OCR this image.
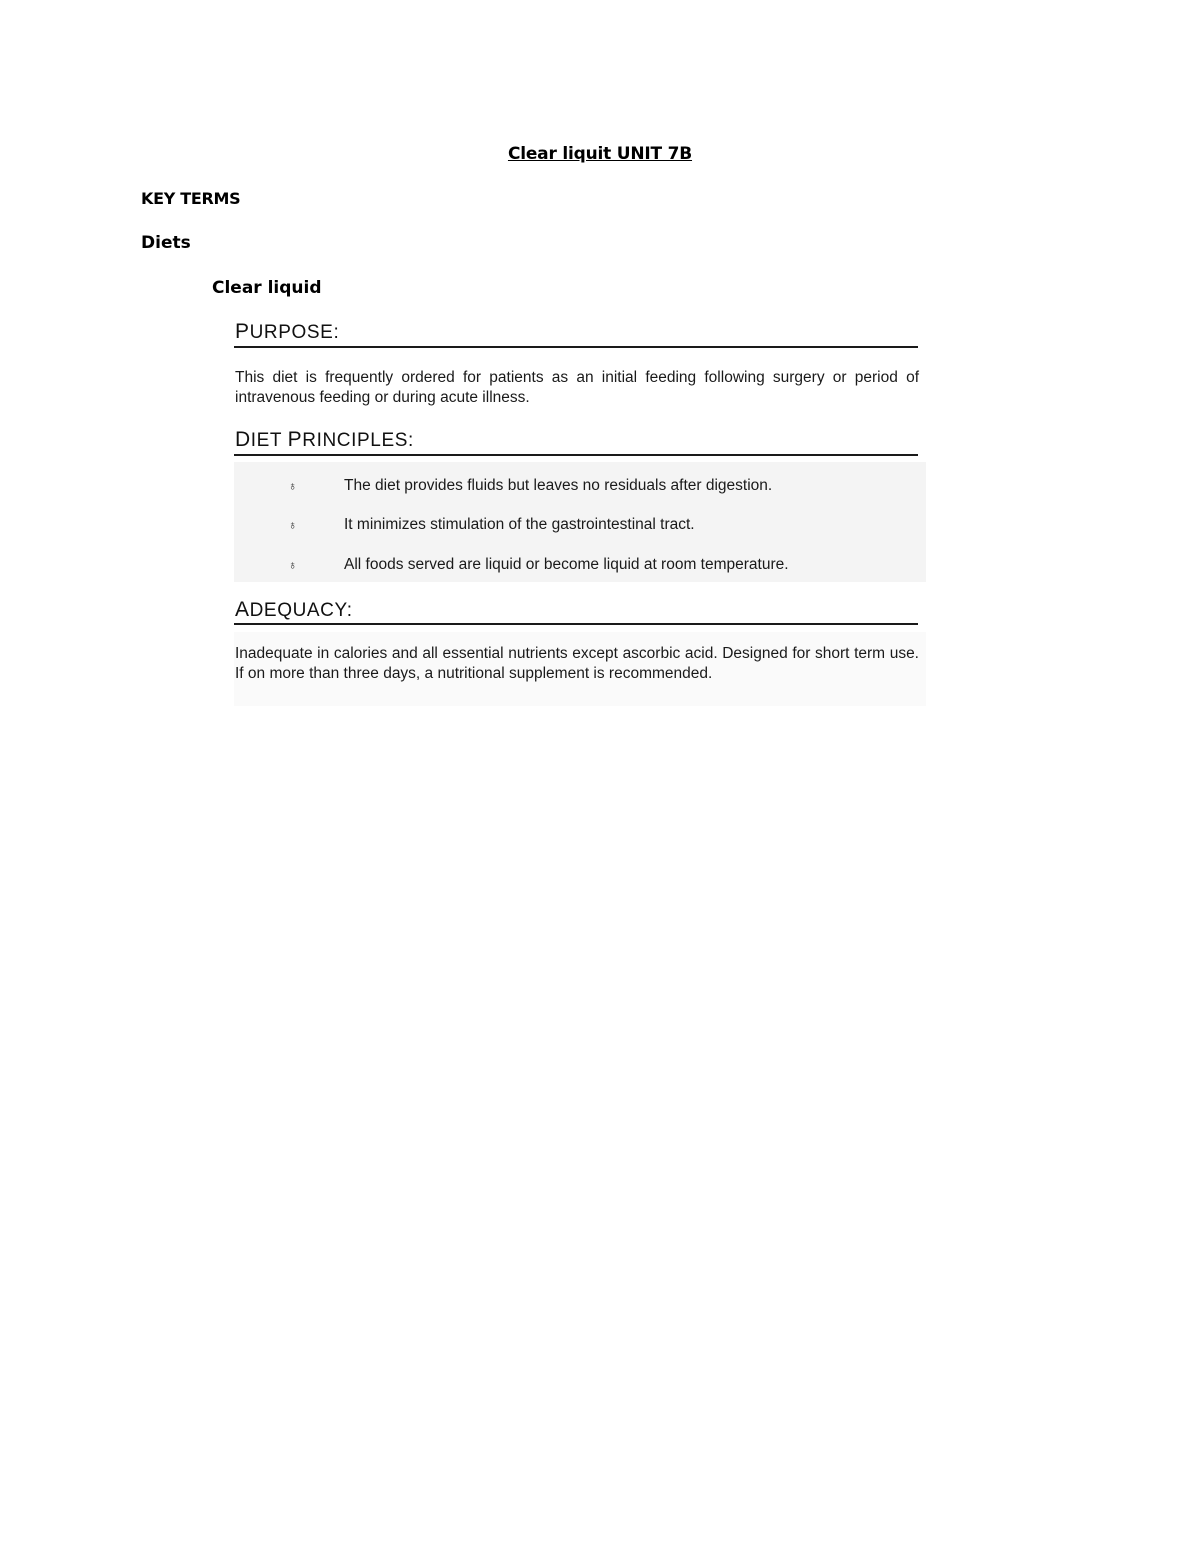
Clear liquit UNIT 7B
KEY TERMS
Diets
Clear liquid
PURPOSE:
This diet is frequently ordered for patients as an initial feeding following surgery or period of intravenous feeding or during acute illness.
DIET PRINCIPLES:
♁	The diet provides fluids but leaves no residuals after digestion.
♁	It minimizes stimulation of the gastrointestinal tract.
♁	All foods served are liquid or become liquid at room temperature.
ADEQUACY:
Inadequate in calories and all essential nutrients except ascorbic acid. Designed for short term use. If on more than three days, a nutritional supplement is recommended.
